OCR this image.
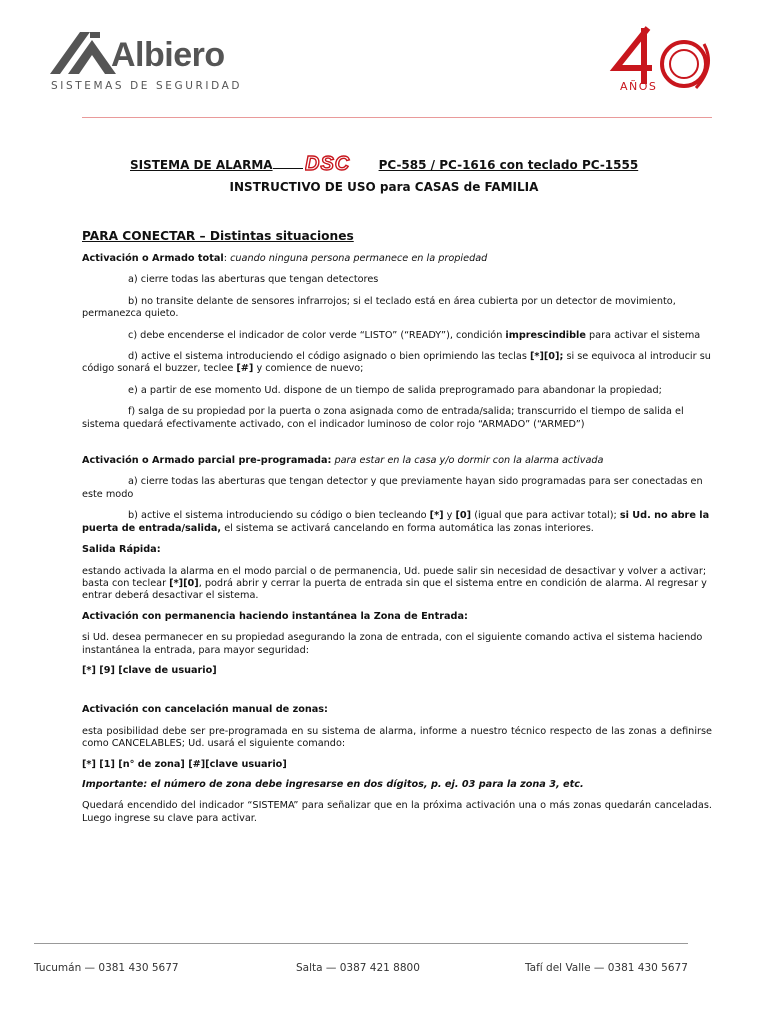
Albiero
SISTEMAS DE SEGURIDAD	AÑOS
SISTEMA DE ALARMA DSC PC-585 / PC-1616 con teclado PC-1555
INSTRUCTIVO DE USO para CASAS de FAMILIA

PARA CONECTAR – Distintas situaciones

Activación o Armado total: cuando ninguna persona permanece en la propiedad

a) cierre todas las aberturas que tengan detectores

b) no transite delante de sensores infrarrojos; si el teclado está en área cubierta por un detector de movimiento, permanezca quieto.

c) debe encenderse el indicador de color verde “LISTO” (“READY”), condición imprescindible para activar el sistema

d) active el sistema introduciendo el código asignado o bien oprimiendo las teclas [*][0]; si se equivoca al introducir su código sonará el buzzer, teclee [#] y comience de nuevo;

e) a partir de ese momento Ud. dispone de un tiempo de salida preprogramado para abandonar la propiedad;

f) salga de su propiedad por la puerta o zona asignada como de entrada/salida; transcurrido el tiempo de salida el sistema quedará efectivamente activado, con el indicador luminoso de color rojo “ARMADO” (“ARMED”)

Activación o Armado parcial pre-programada: para estar en la casa y/o dormir con la alarma activada

a) cierre todas las aberturas que tengan detector y que previamente hayan sido programadas para ser conectadas en este modo

b) active el sistema introduciendo su código o bien tecleando [*] y [0] (igual que para activar total); si Ud. no abre la puerta de entrada/salida, el sistema se activará cancelando en forma automática las zonas interiores.

Salida Rápida:

estando activada la alarma en el modo parcial o de permanencia, Ud. puede salir sin necesidad de desactivar y volver a activar; basta con teclear [*][0], podrá abrir y cerrar la puerta de entrada sin que el sistema entre en condición de alarma. Al regresar y entrar deberá desactivar el sistema.

Activación con permanencia haciendo instantánea la Zona de Entrada:

si Ud. desea permanecer en su propiedad asegurando la zona de entrada, con el siguiente comando activa el sistema haciendo instantánea la entrada, para mayor seguridad:

[*] [9] [clave de usuario]

Activación con cancelación manual de zonas:

esta posibilidad debe ser pre-programada en su sistema de alarma, informe a nuestro técnico respecto de las zonas a definirse como CANCELABLES; Ud. usará el siguiente comando:

[*] [1] [n° de zona] [#][clave usuario]

Importante: el número de zona debe ingresarse en dos dígitos, p. ej. 03 para la zona 3, etc.

Quedará encendido del indicador “SISTEMA” para señalizar que en la próxima activación una o más zonas quedarán canceladas. Luego ingrese su clave para activar.

Tucumán — 0381 430 5677	Salta — 0387 421 8800	Tafí del Valle — 0381 430 5677
